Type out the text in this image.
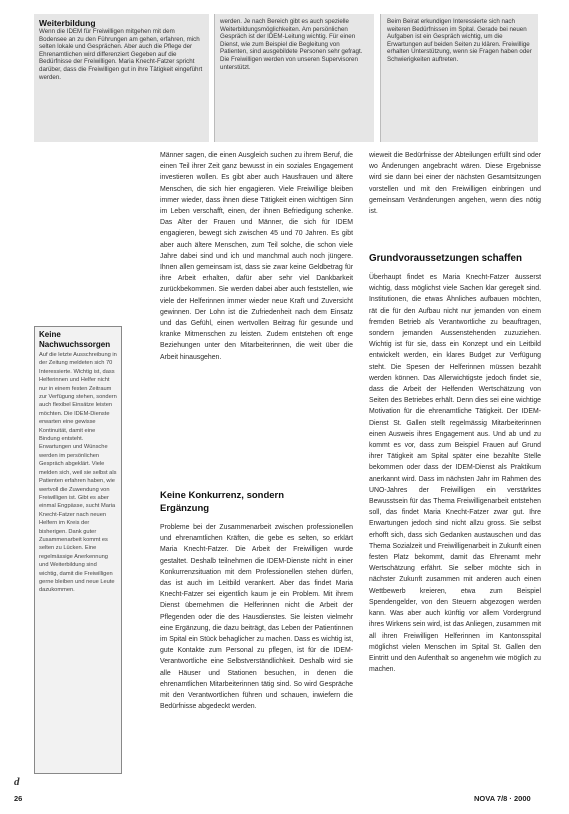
Weiterbildung

Wenn die IDEM für Freiwilligen mitgehen mit dem Bodensee an zu den Führungen am gehen, erfahren, mich selten lokale und Gesprächen. Aber auch die Pflege der Ehrenamtlichen wird differenziert Gegeben auf die Bedürfnisse der Freiwilligen. Maria Knecht-Fatzer spricht darüber, dass die Freiwilligen gut in ihre Tätigkeit eingeführt werden.

werden. Je nach Bereich gibt es auch spezielle Weiterbildungsmöglichkeiten. Am persönlichen Gespräch ist der IDEM-Leitung wichtig. Für einen Dienst, wie zum Beispiel die Begleitung von Patienten, sind ausgebildete Personen sehr gefragt. Die Freiwilligen werden von unseren Supervisoren unterstützt.

Beim Beirat erkundigen Interessierte sich nach weiteren Bedürfnissen im Spital. Gerade bei neuen Aufgaben ist ein Gespräch wichtig, um die Erwartungen auf beiden Seiten zu klären. Freiwillige erhalten Unterstützung, wenn sie Fragen haben oder Schwierigkeiten auftreten.

Keine Nachwuchssorgen

Auf die letzte Ausschreibung in der Zeitung meldeten sich 70 Interessierte. Wichtig ist, dass Helferinnen und Helfer nicht nur in einem festen Zeitraum zur Verfügung stehen, sondern auch flexibel Einsätze leisten möchten. Die IDEM-Dienste erwarten eine gewisse Kontinuität, damit eine Bindung entsteht. Erwartungen und Wünsche werden im persönlichen Gespräch abgeklärt. Viele melden sich, weil sie selbst als Patienten erfahren haben, wie wertvoll die Zuwendung von Freiwilligen ist. Gibt es aber einmal Engpässe, sucht Maria Knecht-Fatzer nach neuen Helfern im Kreis der bisherigen. Dank guter Zusammenarbeit kommt es selten zu Lücken. Eine regelmässige Anerkennung und Weiterbildung sind wichtig, damit die Freiwilligen gerne bleiben und neue Leute dazukommen.

Männer sagen, die einen Ausgleich suchen zu ihrem Beruf, die einen Teil ihrer Zeit ganz bewusst in ein soziales Engagement investieren wollen. Es gibt aber auch Hausfrauen und ältere Menschen, die sich hier engagieren. Viele Freiwillige bleiben immer wieder, dass ihnen diese Tätigkeit einen wichtigen Sinn im Leben verschafft, einen, der ihnen Befriedigung schenke. Das Alter der Frauen und Männer, die sich für IDEM engagieren, bewegt sich zwischen 45 und 70 Jahren. Es gibt aber auch ältere Menschen, zum Teil solche, die schon viele Jahre dabei sind und ich und manchmal auch noch jüngere. Ihnen allen gemeinsam ist, dass sie zwar keine Geldbetrag für ihre Arbeit erhalten, dafür aber sehr viel Dankbarkeit zurückbekommen. Sie werden dabei aber auch feststellen, wie viele der Helferinnen immer wieder neue Kraft und Zuversicht gewinnen. Der Lohn ist die Zufriedenheit nach dem Einsatz und das Gefühl, einen wertvollen Beitrag für gesunde und kranke Mitmenschen zu leisten. Zudem entstehen oft enge Beziehungen unter den Mitarbeiterinnen, die weit über die Arbeit hinausgehen.

Keine Konkurrenz, sondern Ergänzung

Probleme bei der Zusammenarbeit zwischen professionellen und ehrenamtlichen Kräften, die gebe es selten, so erklärt Maria Knecht-Fatzer. Die Arbeit der Freiwilligen wurde gestaltet. Deshalb teilnehmen die IDEM-Dienste nicht in einer Konkurrenzsituation mit dem Professionellen stehen dürfen, das ist auch im Leitbild verankert. Aber das findet Maria Knecht-Fatzer sei eigentlich kaum je ein Problem. Mit ihrem Dienst übernehmen die Helferinnen nicht die Arbeit der Pflegenden oder die des Hausdienstes. Sie leisten vielmehr eine Ergänzung, die dazu beiträgt, das Leben der Patientinnen im Spital ein Stück behaglicher zu machen. Dass es wichtig ist, gute Kontakte zum Personal zu pflegen, ist für die IDEM-Verantwortliche eine Selbstverständlichkeit. Deshalb wird sie alle Häuser und Stationen besuchen, in denen die ehrenamtlichen Mitarbeiterinnen tätig sind. So wird Gespräche mit den Verantwortlichen führen und schauen, inwiefern die Bedürfnisse abgedeckt werden.

wieweit die Bedürfnisse der Abteilungen erfüllt sind oder wo Änderungen angebracht wären. Diese Ergebnisse wird sie dann bei einer der nächsten Gesamtsitzungen vorstellen und mit den Freiwilligen einbringen und gemeinsam Veränderungen angehen, wenn dies nötig ist.

Grundvoraussetzungen schaffen

Überhaupt findet es Maria Knecht-Fatzer äusserst wichtig, dass möglichst viele Sachen klar geregelt sind. Institutionen, die etwas Ähnliches aufbauen möchten, rät die für den Aufbau nicht nur jemanden von einem fremden Betrieb als Verantwortliche zu beauftragen, sondern jemanden Aussenstehenden zuzuziehen. Wichtig ist für sie, dass ein Konzept und ein Leitbild entwickelt werden, ein klares Budget zur Verfügung steht. Die Spesen der Helferinnen müssen bezahlt werden können. Das Allerwichtigste jedoch findet sie, dass die Arbeit der Helfenden Wertschätzung von Seiten des Betriebes erhält. Denn dies sei eine wichtige Motivation für die ehrenamtliche Tätigkeit. Der IDEM-Dienst St. Gallen stellt regelmässig Mitarbeiterinnen einen Ausweis ihres Engagement aus. Und ab und zu kommt es vor, dass zum Beispiel Frauen auf Grund ihrer Tätigkeit am Spital später eine bezahlte Stelle bekommen oder dass der IDEM-Dienst als Praktikum anerkannt wird. Dass im nächsten Jahr im Rahmen des UNO-Jahres der Freiwilligen ein verstärktes Bewusstsein für das Thema Freiwilligenarbeit entstehen soll, das findet Maria Knecht-Fatzer zwar gut. Ihre Erwartungen jedoch sind nicht allzu gross. Sie selbst erhofft sich, dass sich Gedanken austauschen und das Thema Sozialzeit und Freiwilligenarbeit in Zukunft einen festen Platz bekommt, damit das Ehrenamt mehr Wertschätzung erfährt. Sie selber möchte sich in nächster Zukunft zusammen mit anderen auch einen Wettbewerb kreieren, etwa zum Beispiel Spendengelder, von den Steuern abgezogen werden kann. Was aber auch künftig vor allem Vordergrund ihres Wirkens sein wird, ist das Anliegen, zusammen mit all ihren Freiwilligen Helferinnen im Kantonsspital möglichst vielen Menschen im Spital St. Gallen den Eintritt und den Aufenthalt so angenehm wie möglich zu machen.

d
26	NOVA 7/8 · 2000
